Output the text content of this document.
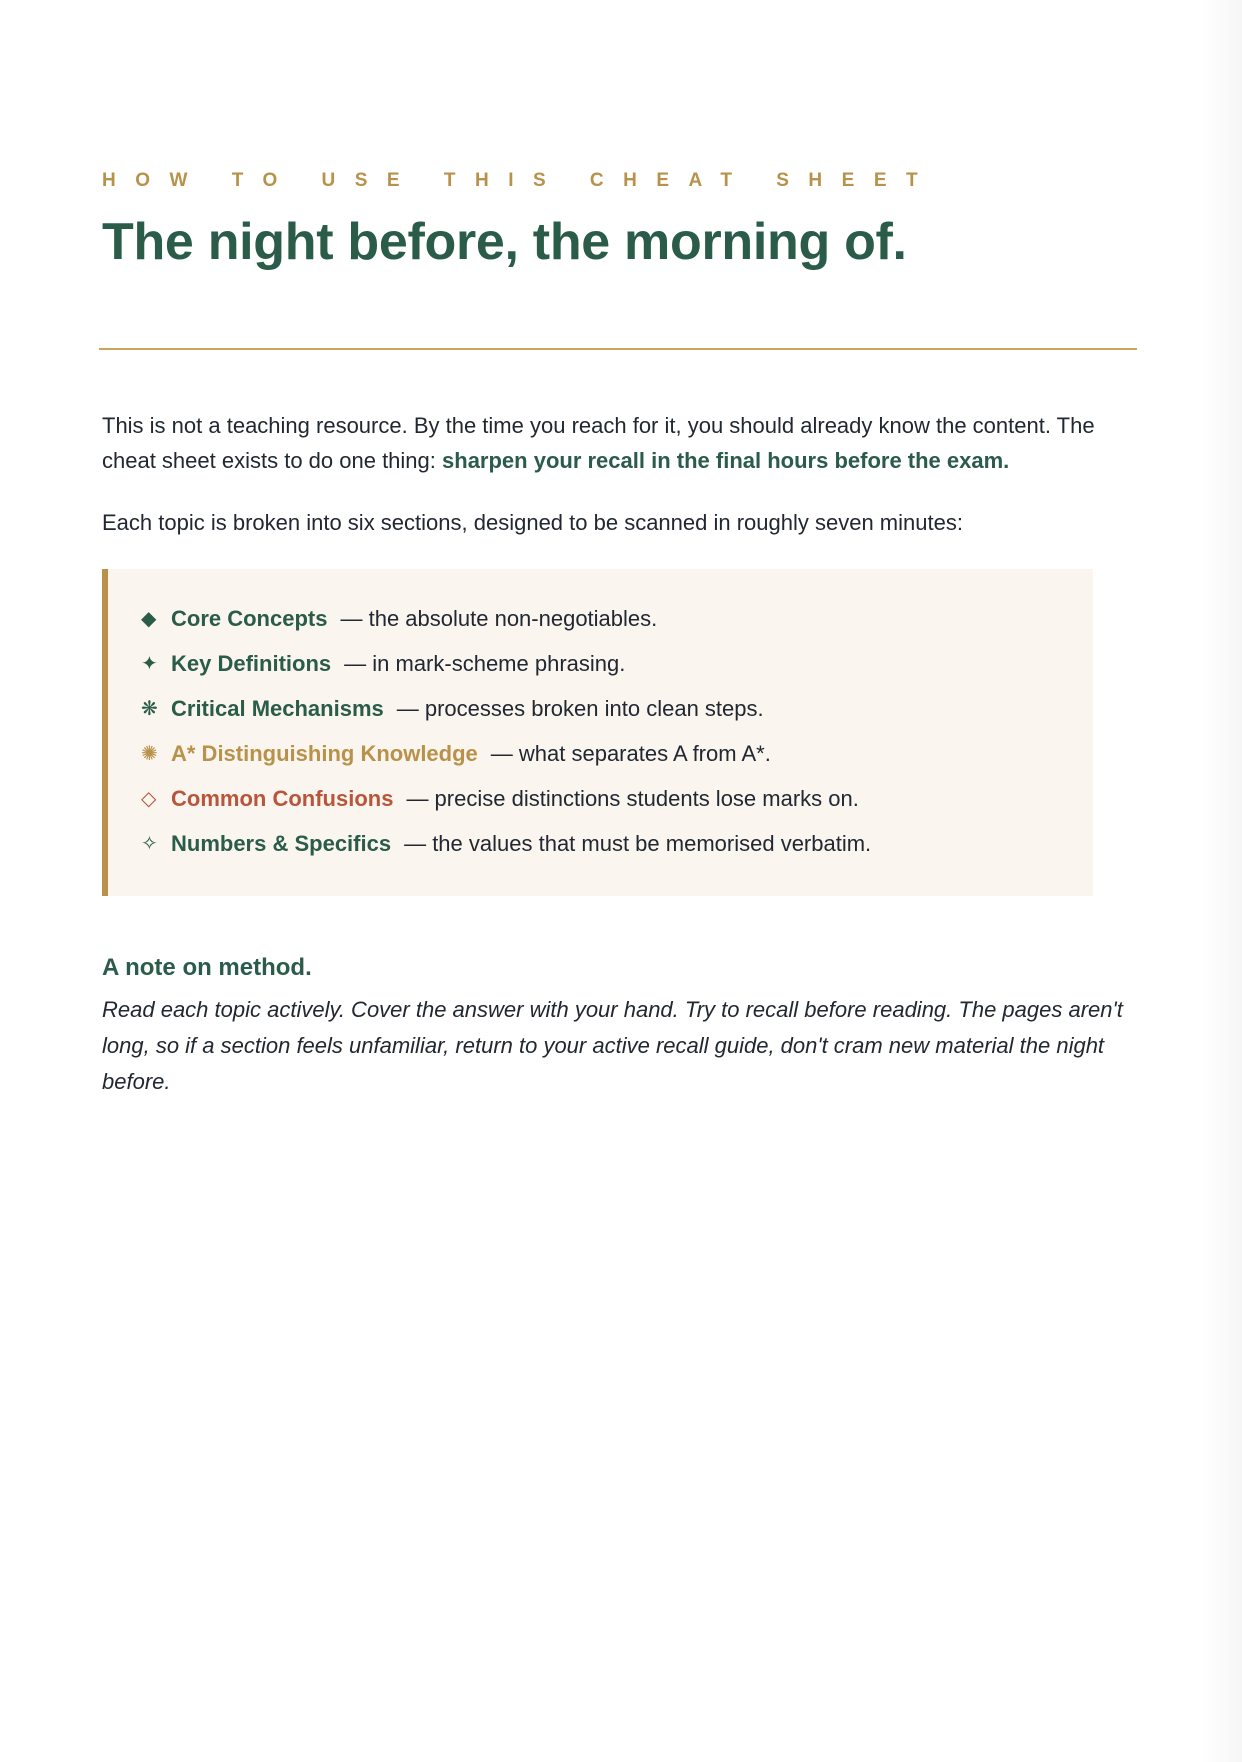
HOW TO USE THIS CHEAT SHEET
The night before, the morning of.

This is not a teaching resource. By the time you reach for it, you should already know the content. The cheat sheet exists to do one thing: sharpen your recall in the final hours before the exam.

Each topic is broken into six sections, designed to be scanned in roughly seven minutes:

◆ Core Concepts — the absolute non-negotiables.
✦ Key Definitions — in mark-scheme phrasing.
❋ Critical Mechanisms — processes broken into clean steps.
✺ A* Distinguishing Knowledge — what separates A from A*.
◇ Common Confusions — precise distinctions students lose marks on.
✧ Numbers & Specifics — the values that must be memorised verbatim.
A note on method.

Read each topic actively. Cover the answer with your hand. Try to recall before reading. The pages aren't long, so if a section feels unfamiliar, return to your active recall guide, don't cram new material the night before.
